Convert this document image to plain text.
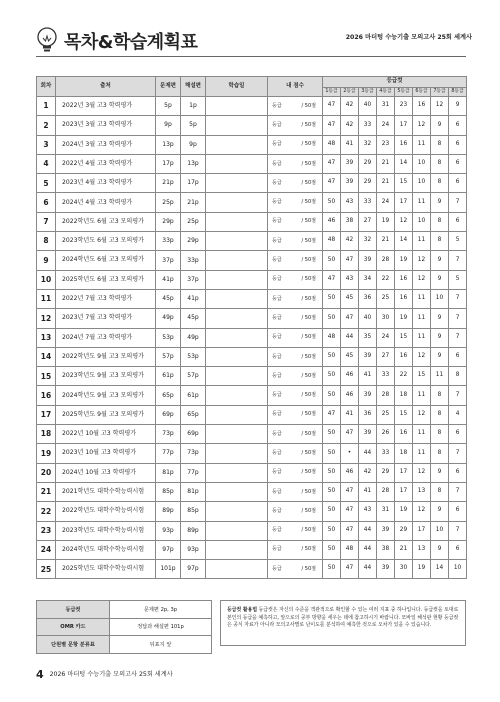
목차&학습계획표	2026 마더텅 수능기출 모의고사 25회 세계사
회차	출처	문제편	해설편	학습일	내 점수	등급컷							
						1등급	2등급	3등급	4등급	5등급	6등급	7등급	8등급
1	2022년 3월 고3 학력평가	5p	1p		등급 / 50점	47	42	40	31	23	16	12	9
2	2023년 3월 고3 학력평가	9p	5p		등급 / 50점	47	42	33	24	17	12	9	6
3	2024년 3월 고3 학력평가	13p	9p		등급 / 50점	48	41	32	23	16	11	8	6
4	2022년 4월 고3 학력평가	17p	13p		등급 / 50점	47	39	29	21	14	10	8	6
5	2023년 4월 고3 학력평가	21p	17p		등급 / 50점	47	39	29	21	15	10	8	6
6	2024년 4월 고3 학력평가	25p	21p		등급 / 50점	50	43	33	24	17	11	9	7
7	2022학년도 6월 고3 모의평가	29p	25p		등급 / 50점	46	38	27	19	12	10	8	6
8	2023학년도 6월 고3 모의평가	33p	29p		등급 / 50점	48	42	32	21	14	11	8	5
9	2024학년도 6월 고3 모의평가	37p	33p		등급 / 50점	50	47	39	28	19	12	9	7
10	2025학년도 6월 고3 모의평가	41p	37p		등급 / 50점	47	43	34	22	16	12	9	5
11	2022년 7월 고3 학력평가	45p	41p		등급 / 50점	50	45	36	25	16	11	10	7
12	2023년 7월 고3 학력평가	49p	45p		등급 / 50점	50	47	40	30	19	11	9	7
13	2024년 7월 고3 학력평가	53p	49p		등급 / 50점	48	44	35	24	15	11	9	7
14	2022학년도 9월 고3 모의평가	57p	53p		등급 / 50점	50	45	39	27	16	12	9	6
15	2023학년도 9월 고3 모의평가	61p	57p		등급 / 50점	50	46	41	33	22	15	11	8
16	2024학년도 9월 고3 모의평가	65p	61p		등급 / 50점	50	46	39	28	18	11	8	7
17	2025학년도 9월 고3 모의평가	69p	65p		등급 / 50점	47	41	36	25	15	12	8	4
18	2022년 10월 고3 학력평가	73p	69p		등급 / 50점	50	47	39	26	16	11	8	6
19	2023년 10월 고3 학력평가	77p	73p		등급 / 50점	50	•	44	33	18	11	8	7
20	2024년 10월 고3 학력평가	81p	77p		등급 / 50점	50	46	42	29	17	12	9	6
21	2021학년도 대학수학능력시험	85p	81p		등급 / 50점	50	47	41	28	17	13	8	7
22	2022학년도 대학수학능력시험	89p	85p		등급 / 50점	50	47	43	31	19	12	9	6
23	2023학년도 대학수학능력시험	93p	89p		등급 / 50점	50	47	44	39	29	17	10	7
24	2024학년도 대학수학능력시험	97p	93p		등급 / 50점	50	48	44	38	21	13	9	6
25	2025학년도 대학수학능력시험	101p	97p		등급 / 50점	50	47	44	39	30	19	14	10
등급컷	문제편 2p, 3p
OMR 카드	정답과 해설편 101p
단원별 문항 분류표	뒤표지 앞
등급컷 활용법 등급컷은 자신의 수준을 객관적으로 확인할 수 있는 여러 지표 중 하나입니다. 등급컷을 토대로 본인의 등급을 예측하고, 앞으로의 공부 방향을 세우는 데에 참고하시기 바랍니다. 모바일 해석판 현황 등급컷은 공식 자료가 아니라 모의고사별로 난이도를 분석하여 예측한 것으로 오차가 있을 수 있습니다.
4 2026 마더텅 수능기출 모의고사 25회 세계사
